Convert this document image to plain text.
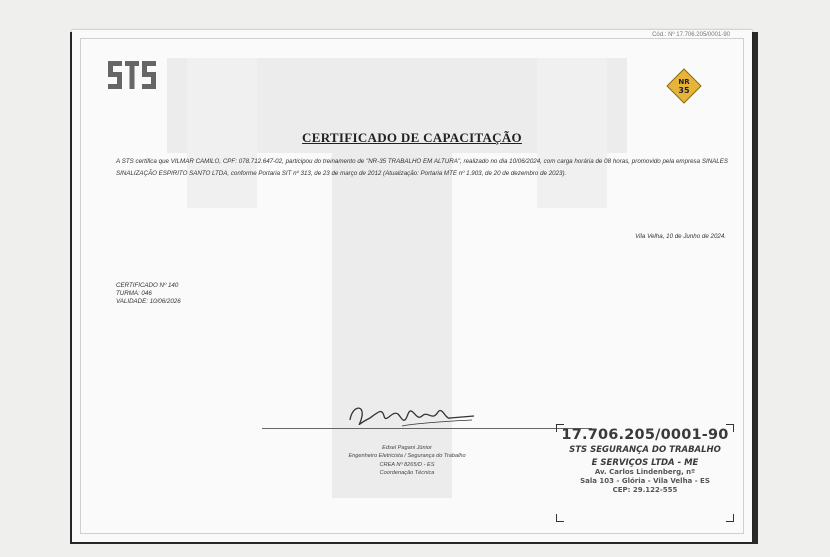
Cód.: Nº 17.706.205/0001-90
NR
35
CERTIFICADO DE CAPACITAÇÃO
A STS certifica que VILMAR CAMILO, CPF: 078.712.647-02, participou do treinamento de "NR-35 TRABALHO EM ALTURA", realizado no dia 10/06/2024, com carga horária de 08 horas, promovido pela empresa SINALES SINALIZAÇÃO ESPIRITO SANTO LTDA, conforme Portaria SIT nº 313, de 23 de março de 2012 (Atualização: Portaria MTE nº 1.903, de 20 de dezembro de 2023).
Vila Velha, 10 de Junho de 2024.
CERTIFICADO Nº 140
TURMA: 046
VALIDADE: 10/06/2026
Edsel Pagani Júnior
Engenheiro Eletricista / Segurança do Trabalho
CREA Nº 8265/D - ES
Coordenação Técnica
17.706.205/0001-90
STS SEGURANÇA DO TRABALHO
E SERVIÇOS LTDA - ME
Av. Carlos Lindenberg, nº
Sala 103 - Glória - Vila Velha - ES
CEP: 29.122-555
